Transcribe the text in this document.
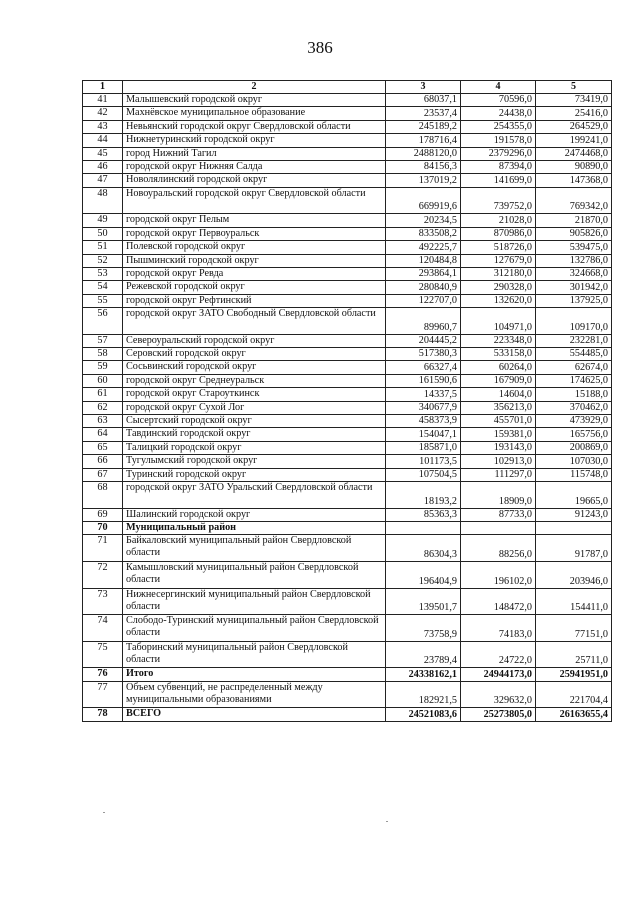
386
1	2	3	4	5
41	Малышевский городской округ	68037,1	70596,0	73419,0
42	Махнёвское муниципальное образование	23537,4	24438,0	25416,0
43	Невьянский городской округ Свердловской области	245189,2	254355,0	264529,0
44	Нижнетуринский городской округ	178716,4	191578,0	199241,0
45	город Нижний Тагил	2488120,0	2379296,0	2474468,0
46	городской округ Нижняя Салда	84156,3	87394,0	90890,0
47	Новолялинский городской округ	137019,2	141699,0	147368,0
48	Новоуральский городской округ Свердловской области	669919,6	739752,0	769342,0
49	городской округ Пелым	20234,5	21028,0	21870,0
50	городской округ Первоуральск	833508,2	870986,0	905826,0
51	Полевской городской округ	492225,7	518726,0	539475,0
52	Пышминский городской округ	120484,8	127679,0	132786,0
53	городской округ Ревда	293864,1	312180,0	324668,0
54	Режевской городской округ	280840,9	290328,0	301942,0
55	городской округ Рефтинский	122707,0	132620,0	137925,0
56	городской округ ЗАТО Свободный Свердловской области	89960,7	104971,0	109170,0
57	Североуральский городской округ	204445,2	223348,0	232281,0
58	Серовский городской округ	517380,3	533158,0	554485,0
59	Сосьвинский городской округ	66327,4	60264,0	62674,0
60	городской округ Среднеуральск	161590,6	167909,0	174625,0
61	городской округ Староуткинск	14337,5	14604,0	15188,0
62	городской округ Сухой Лог	340677,9	356213,0	370462,0
63	Сысертский городской округ	458373,9	455701,0	473929,0
64	Тавдинский городской округ	154047,1	159381,0	165756,0
65	Талицкий городской округ	185871,0	193143,0	200869,0
66	Тугулымский городской округ	101173,5	102913,0	107030,0
67	Туринский городской округ	107504,5	111297,0	115748,0
68	городской округ ЗАТО Уральский Свердловской области	18193,2	18909,0	19665,0
69	Шалинский городской округ	85363,3	87733,0	91243,0
70	Муниципальный район			
71	Байкаловский муниципальный район Свердловской области	86304,3	88256,0	91787,0
72	Камышловский муниципальный район Свердловской области	196404,9	196102,0	203946,0
73	Нижнесергинский муниципальный район Свердловской области	139501,7	148472,0	154411,0
74	Слободо-Туринский муниципальный район Свердловской области	73758,9	74183,0	77151,0
75	Таборинский муниципальный район Свердловской области	23789,4	24722,0	25711,0
76	Итого	24338162,1	24944173,0	25941951,0
77	Объем субвенций, не распределенный между муниципальными образованиями	182921,5	329632,0	221704,4
78	ВСЕГО	24521083,6	25273805,0	26163655,4
